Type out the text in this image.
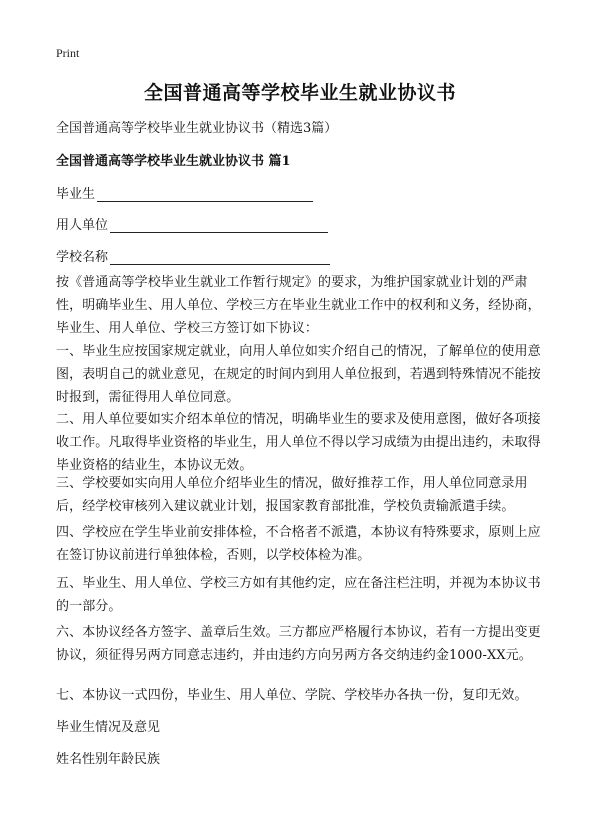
Print
全国普通高等学校毕业生就业协议书
全国普通高等学校毕业生就业协议书（精选3篇）
全国普通高等学校毕业生就业协议书 篇1
毕业生
用人单位
学校名称
按《普通高等学校毕业生就业工作暂行规定》的要求，为维护国家就业计划的严肃性，明确毕业生、用人单位、学校三方在毕业生就业工作中的权利和义务，经协商，毕业生、用人单位、学校三方签订如下协议：
一、毕业生应按国家规定就业，向用人单位如实介绍自己的情况，了解单位的使用意图，表明自己的就业意见，在规定的时间内到用人单位报到，若遇到特殊情况不能按时报到，需征得用人单位同意。
二、用人单位要如实介绍本单位的情况，明确毕业生的要求及使用意图，做好各项接收工作。凡取得毕业资格的毕业生，用人单位不得以学习成绩为由提出违约，未取得毕业资格的结业生，本协议无效。
三、学校要如实向用人单位介绍毕业生的情况，做好推荐工作，用人单位同意录用后，经学校审核列入建议就业计划，报国家教育部批准，学校负责输派遣手续。
四、学校应在学生毕业前安排体检，不合格者不派遣，本协议有特殊要求，原则上应在签订协议前进行单独体检，否则，以学校体检为准。
五、毕业生、用人单位、学校三方如有其他约定，应在备注栏注明，并视为本协议书的一部分。
六、本协议经各方签字、盖章后生效。三方都应严格履行本协议，若有一方提出变更协议，须征得另两方同意志违约，并由违约方向另两方各交纳违约金1000-XX元。
七、本协议一式四份，毕业生、用人单位、学院、学校毕办各执一份，复印无效。
毕业生情况及意见
姓名性别年龄民族
